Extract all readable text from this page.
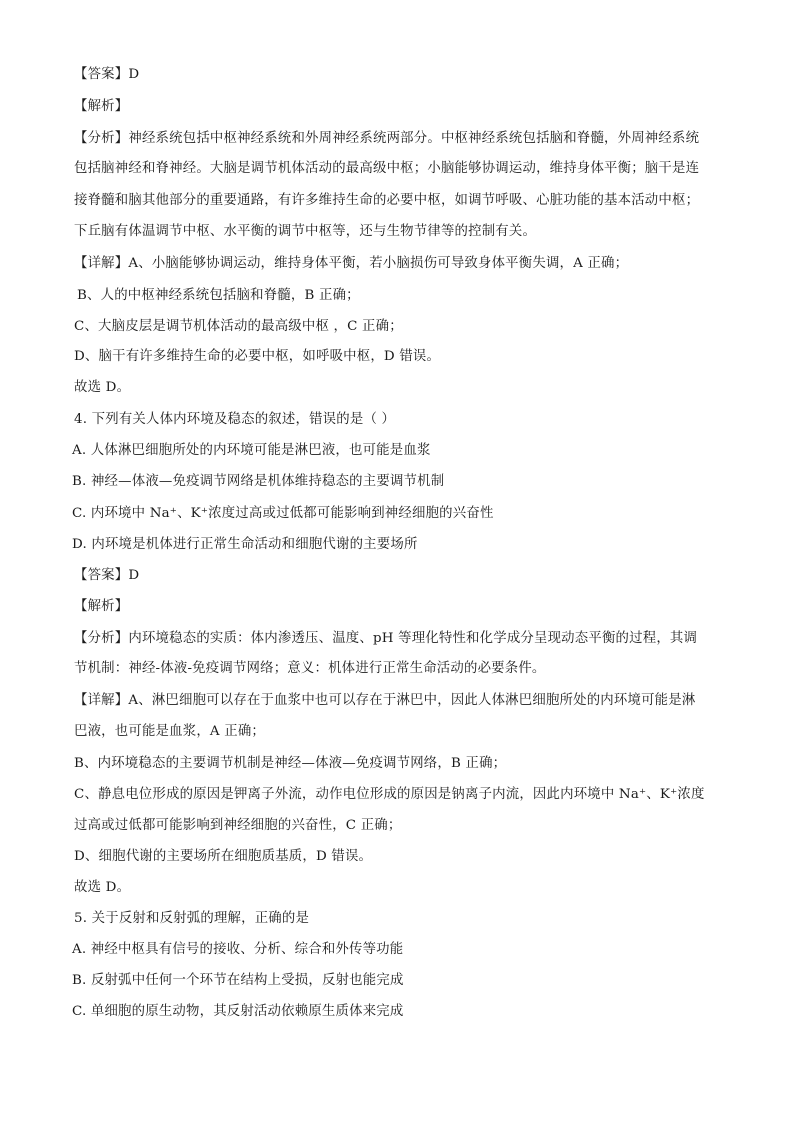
【答案】D
【解析】
【分析】神经系统包括中枢神经系统和外周神经系统两部分。中枢神经系统包括脑和脊髓，外周神经系统
包括脑神经和脊神经。大脑是调节机体活动的最高级中枢；小脑能够协调运动，维持身体平衡；脑干是连
接脊髓和脑其他部分的重要通路，有许多维持生命的必要中枢，如调节呼吸、心脏功能的基本活动中枢；
下丘脑有体温调节中枢、水平衡的调节中枢等，还与生物节律等的控制有关。
【详解】A、小脑能够协调运动，维持身体平衡，若小脑损伤可导致身体平衡失调，A 正确；
B、人的中枢神经系统包括脑和脊髓，B 正确；
C、大脑皮层是调节机体活动的最高级中枢 ，C 正确；
D、脑干有许多维持生命的必要中枢，如呼吸中枢，D 错误。
故选 D。
4. 下列有关人体内环境及稳态的叙述，错误的是（ ）
A. 人体淋巴细胞所处的内环境可能是淋巴液，也可能是血浆
B. 神经—体液—免疫调节网络是机体维持稳态的主要调节机制
C. 内环境中 Na⁺、K⁺浓度过高或过低都可能影响到神经细胞的兴奋性
D. 内环境是机体进行正常生命活动和细胞代谢的主要场所
【答案】D
【解析】
【分析】内环境稳态的实质：体内渗透压、温度、pH 等理化特性和化学成分呈现动态平衡的过程，其调
节机制：神经-体液-免疫调节网络；意义：机体进行正常生命活动的必要条件。
【详解】A、淋巴细胞可以存在于血浆中也可以存在于淋巴中，因此人体淋巴细胞所处的内环境可能是淋
巴液，也可能是血浆，A 正确；
B、内环境稳态的主要调节机制是神经—体液—免疫调节网络，B 正确；
C、静息电位形成的原因是钾离子外流，动作电位形成的原因是钠离子内流，因此内环境中 Na⁺、K⁺浓度
过高或过低都可能影响到神经细胞的兴奋性，C 正确；
D、细胞代谢的主要场所在细胞质基质，D 错误。
故选 D。
5. 关于反射和反射弧的理解，正确的是
A. 神经中枢具有信号的接收、分析、综合和外传等功能
B. 反射弧中任何一个环节在结构上受损，反射也能完成
C. 单细胞的原生动物，其反射活动依赖原生质体来完成
